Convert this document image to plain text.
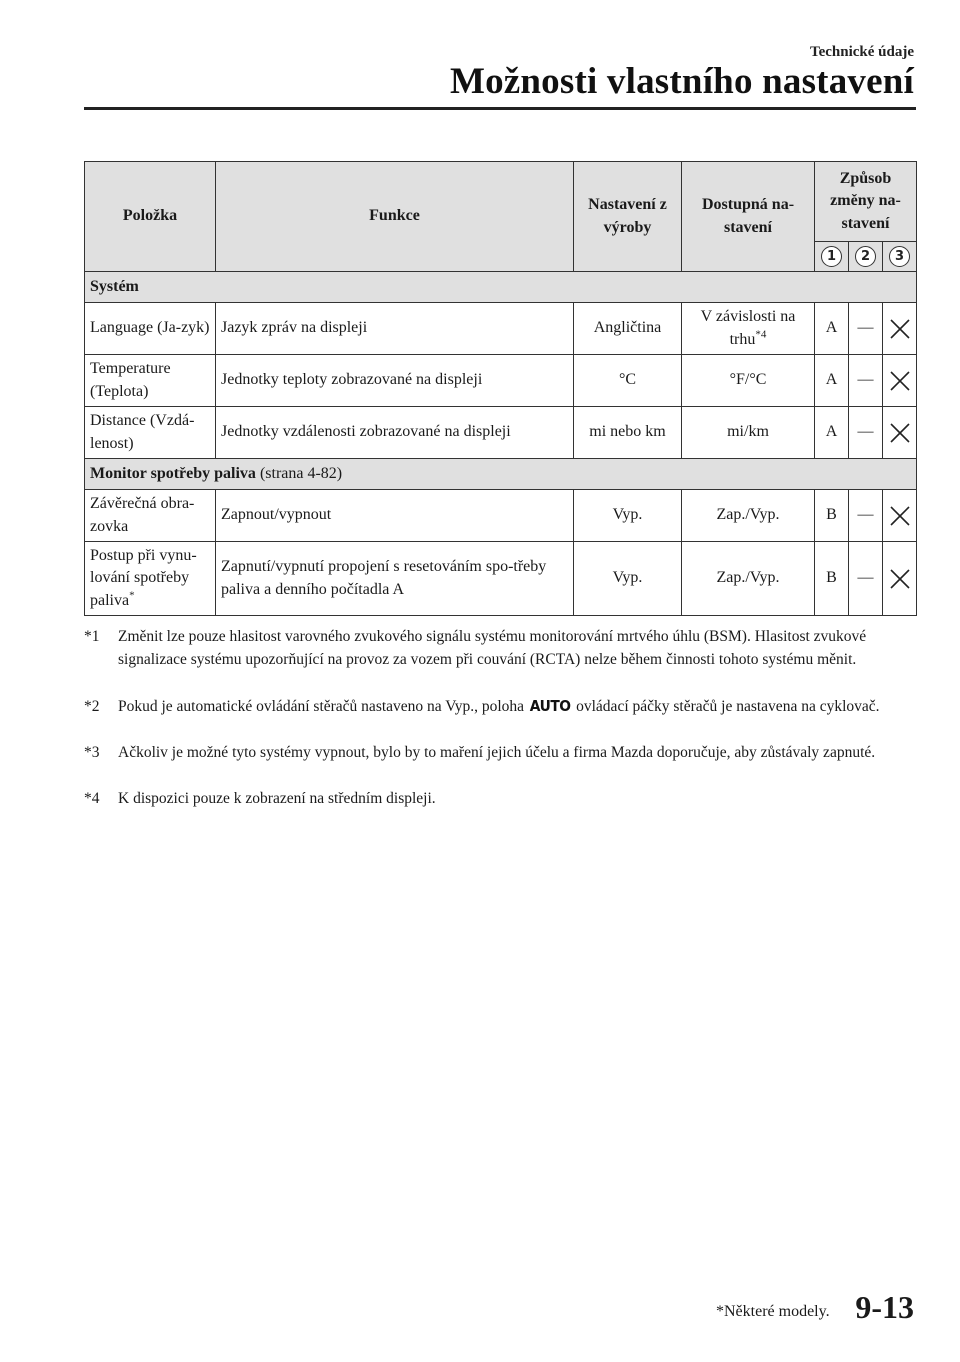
Technické údaje
Možnosti vlastního nastavení
Položka	Funkce	Nastavení z výroby	Dostupná na-stavení	Způsob změny na-stavení		
				1	2	3
Systém						
Language (Ja-zyk)	Jazyk zpráv na displeji	Angličtina	V závislosti na trhu$^{*4}$	A	—	

Temperature (Teplota)	Jednotky teploty zobrazované na displeji	°C	°F/°C	A	—	

Distance (Vzdá-lenost)	Jednotky vzdálenosti zobrazované na displeji	mi nebo km	mi/km	A	—	

Monitor spotřeby paliva (strana 4-82)						
Závěrečná obra-zovka	Zapnout/vypnout	Vyp.	Zap./Vyp.	B	—	

Postup při vynu-lování spotřeby paliva*	Zapnutí/vypnutí propojení s resetováním spo-třeby paliva a denního počítadla A	Vyp.	Zap./Vyp.	B	—	
*1 Změnit lze pouze hlasitost varovného zvukového signálu systému monitorování mrtvého úhlu (BSM). Hlasitost zvukové signalizace systému upozorňující na provoz za vozem při couvání (RCTA) nelze během činnosti tohoto systému měnit.
*2 Pokud je automatické ovládání stěračů nastaveno na Vyp., poloha AUTO ovládací páčky stěračů je nastavena na cyklovač.
*3 Ačkoliv je možné tyto systémy vypnout, bylo by to maření jejich účelu a firma Mazda doporučuje, aby zůstávaly zapnuté.
*4 K dispozici pouze k zobrazení na středním displeji.
*Některé modely. 9-13
